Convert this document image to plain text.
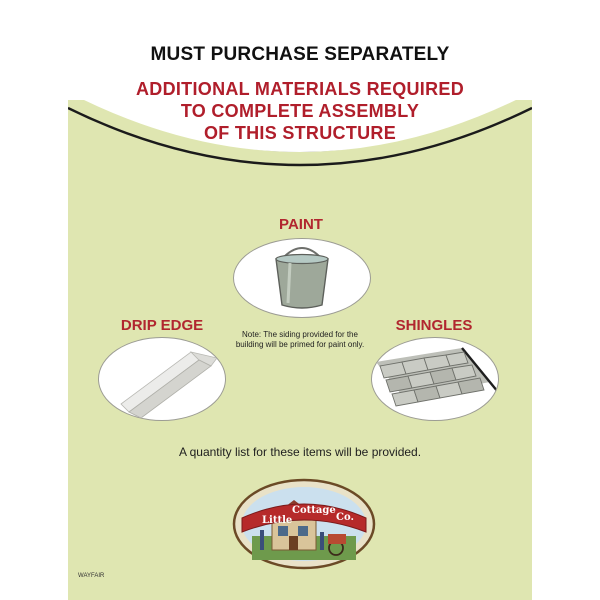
MUST PURCHASE SEPARATELY
ADDITIONAL MATERIALS REQUIRED
TO COMPLETE ASSEMBLY
OF THIS STRUCTURE
PAINT
DRIP EDGE
Note: The siding provided for the building will be primed for paint only.
SHINGLES
A quantity list for these items will be provided.
Little
Cottage
Co.
WAYFAIR
